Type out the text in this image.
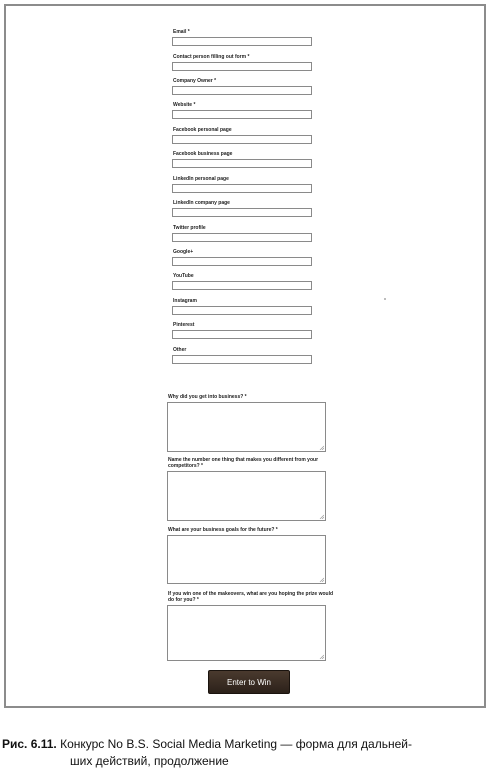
Email *
Contact person filling out form *
Company Owner *
Website *
Facebook personal page
Facebook business page
LinkedIn personal page
LinkedIn company page
Twitter profile
Google+
YouTube
Instagram
Pinterest
Other
Why did you get into business? *
Name the number one thing that makes you different from your competitors? *
What are your business goals for the future? *
If you win one of the makeovers, what are you hoping the prize would do for you? *
Enter to Win
Рис. 6.11. Конкурс No B.S. Social Media Marketing — форма для дальней-
ших действий, продолжение
